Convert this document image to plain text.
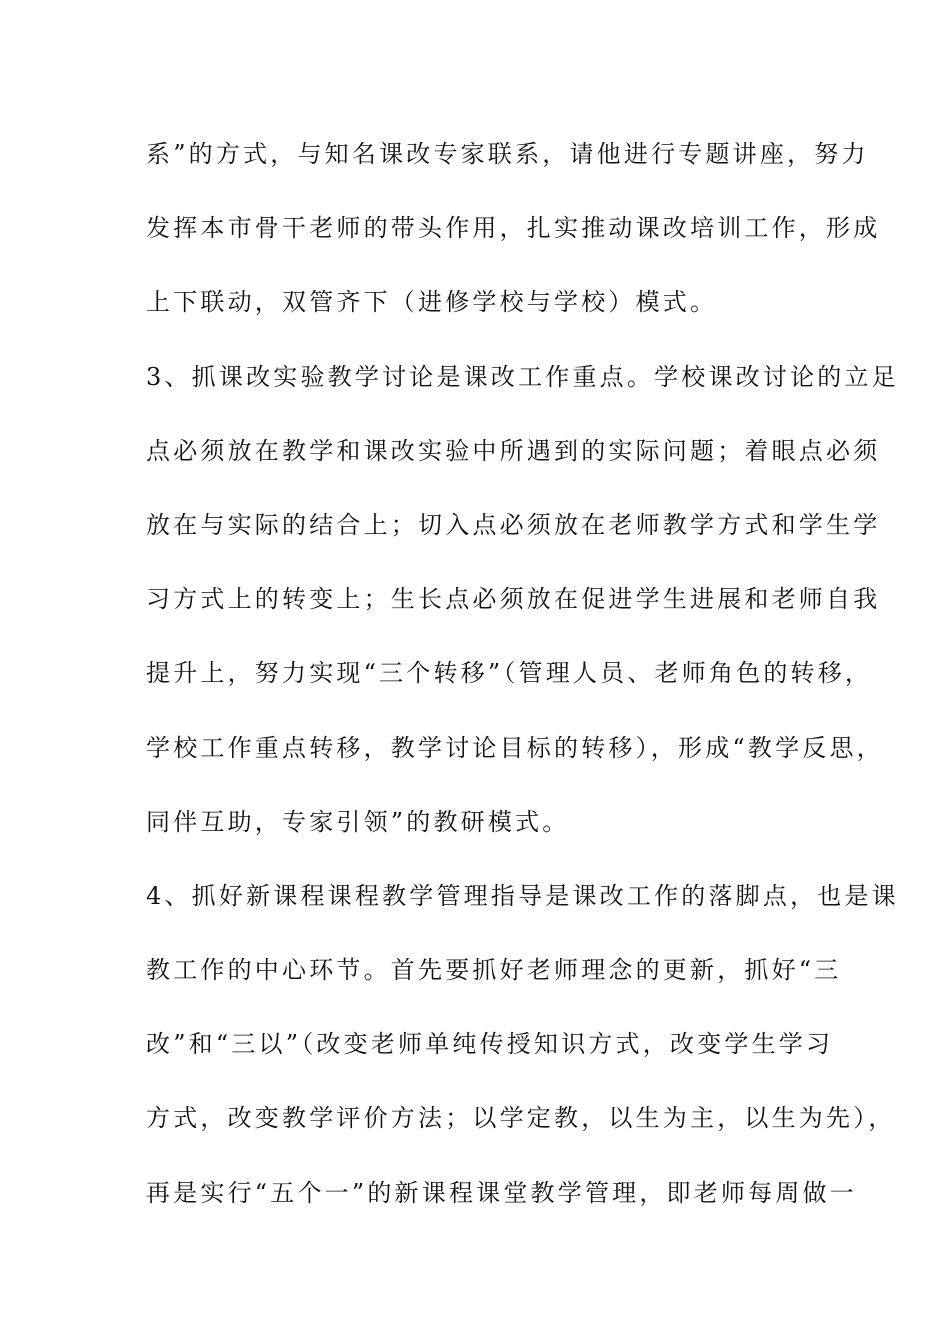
系”的方式，与知名课改专家联系，请他进行专题讲座，努力
发挥本市骨干老师的带头作用，扎实推动课改培训工作，形成
上下联动，双管齐下（进修学校与学校）模式。
3、抓课改实验教学讨论是课改工作重点。学校课改讨论的立足
点必须放在教学和课改实验中所遇到的实际问题；着眼点必须
放在与实际的结合上；切入点必须放在老师教学方式和学生学
习方式上的转变上；生长点必须放在促进学生进展和老师自我
提升上，努力实现“三个转移”（管理人员、老师角色的转移，
学校工作重点转移，教学讨论目标的转移），形成“教学反思，
同伴互助，专家引领”的教研模式。
4、抓好新课程课程教学管理指导是课改工作的落脚点，也是课
教工作的中心环节。首先要抓好老师理念的更新，抓好“三
改”和“三以”（改变老师单纯传授知识方式，改变学生学习
方式，改变教学评价方法；以学定教，以生为主，以生为先），
再是实行“五个一”的新课程课堂教学管理，即老师每周做一
